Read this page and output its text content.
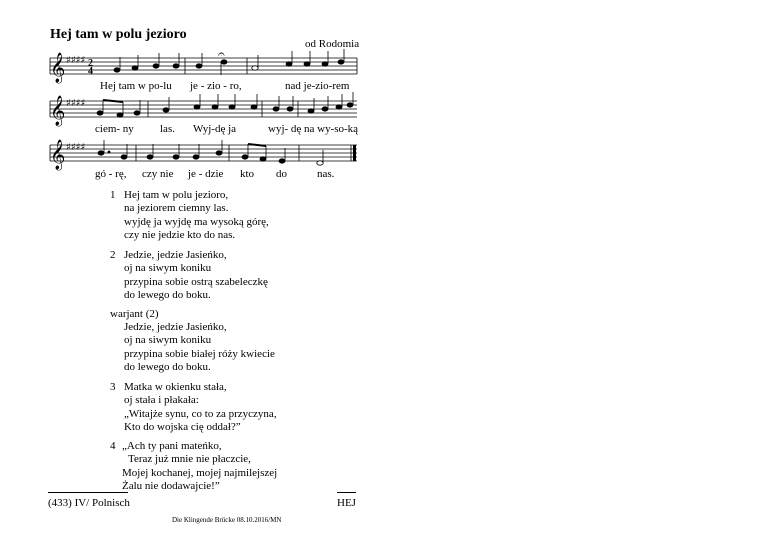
Hej tam w polu jezioro
od Rodomia
𝄞
𝄞
𝄞
♯♯♯♯
♯♯♯♯
♯♯♯♯
2
4
𝄐
Hej tam w po-lu je - zio - ro,	nad je-zio-rem
ciem- ny las. Wyj-dę ja	wyj- dę na wy-so-ką
gó - rę, czy nie je - dzie kto do	nas.
1 Hej tam w polu jezioro,
na jeziorem ciemny las.
wyjdę ja wyjdę ma wysoką górę,
czy nie jedzie kto do nas.
2 Jedzie, jedzie Jasieńko,
oj na siwym koniku
przypina sobie ostrą szabeleczkę
do lewego do boku.
warjant (2)
Jedzie, jedzie Jasieńko,
oj na siwym koniku
przypina sobie białej róży kwiecie
do lewego do boku.
3 Matka w okienku stała,
oj stała i płakała:
„Witajże synu, co to za przyczyna,
Kto do wojska cię oddał?”
4 „Ach ty pani mateńko,
Teraz już mnie nie płaczcie,
Mojej kochanej, mojej najmilejszej
Żalu nie dodawajcie!”
(433) IV/ Polnisch	HEJ
Die Klingende Brücke 08.10.2016/MN
